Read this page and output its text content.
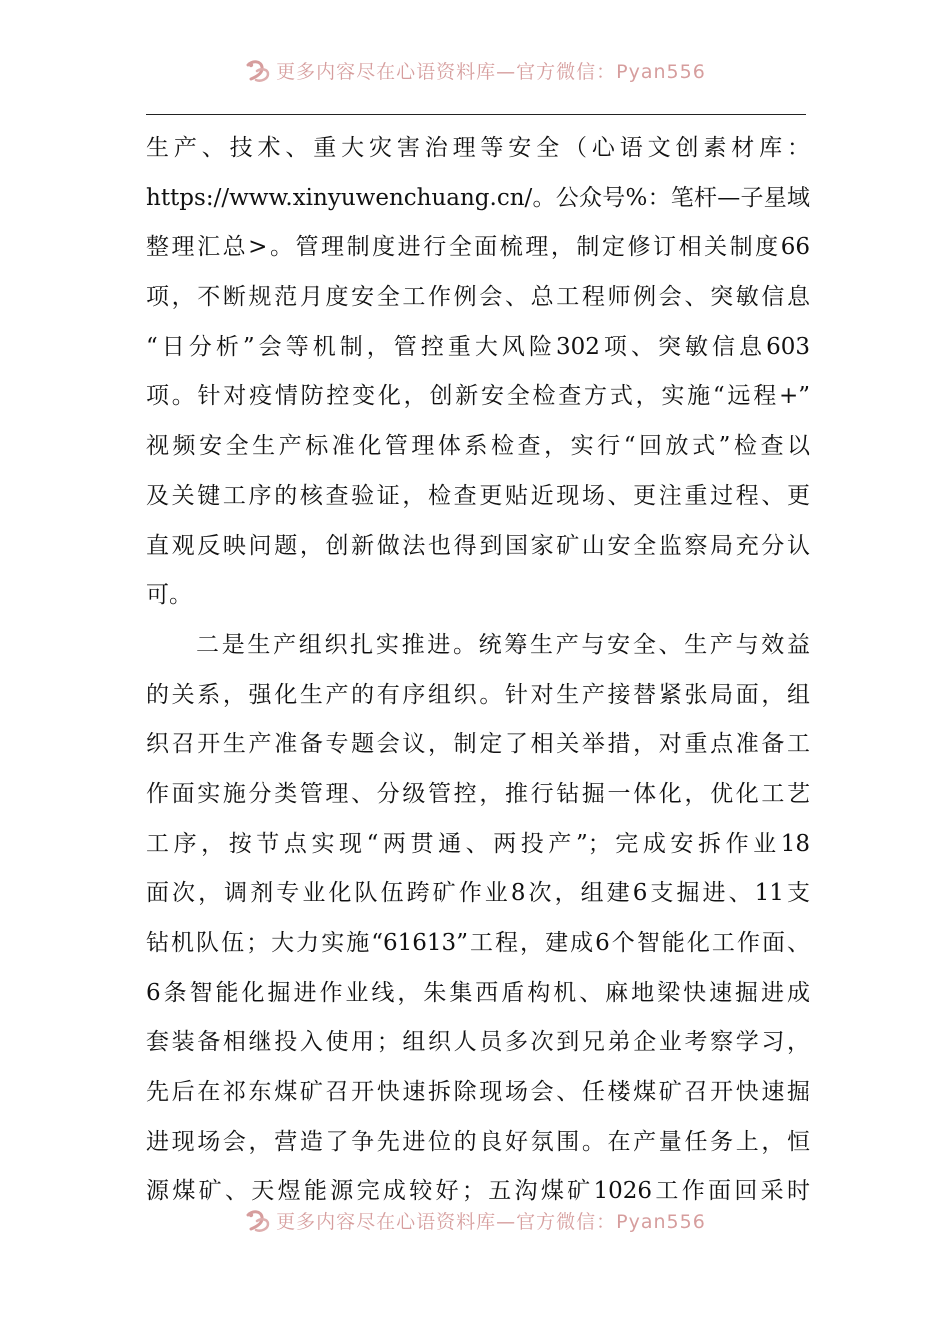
更多内容尽在心语资料库—官方微信：Pyan556
生产、技术、重大灾害治理等安全（心语文创素材库：
https://www.xinyuwenchuang.cn/。公众号%：笔杆—子星域
整理汇总>。管理制度进行全面梳理，制定修订相关制度66
项，不断规范月度安全工作例会、总工程师例会、突敏信息
“日分析”会等机制，管控重大风险302项、突敏信息603
项。针对疫情防控变化，创新安全检查方式，实施“远程+”
视频安全生产标准化管理体系检查，实行“回放式”检查以
及关键工序的核查验证，检查更贴近现场、更注重过程、更
直观反映问题，创新做法也得到国家矿山安全监察局充分认
可。
二是生产组织扎实推进。统筹生产与安全、生产与效益
的关系，强化生产的有序组织。针对生产接替紧张局面，组
织召开生产准备专题会议，制定了相关举措，对重点准备工
作面实施分类管理、分级管控，推行钻掘一体化，优化工艺
工序，按节点实现“两贯通、两投产”；完成安拆作业18
面次，调剂专业化队伍跨矿作业8次，组建6支掘进、11支
钻机队伍；大力实施“61613”工程，建成6个智能化工作面、
6条智能化掘进作业线，朱集西盾构机、麻地梁快速掘进成
套装备相继投入使用；组织人员多次到兄弟企业考察学习，
先后在祁东煤矿召开快速拆除现场会、任楼煤矿召开快速掘
进现场会，营造了争先进位的良好氛围。在产量任务上，恒
源煤矿、天煜能源完成较好；五沟煤矿1026工作面回采时
更多内容尽在心语资料库—官方微信：Pyan556
